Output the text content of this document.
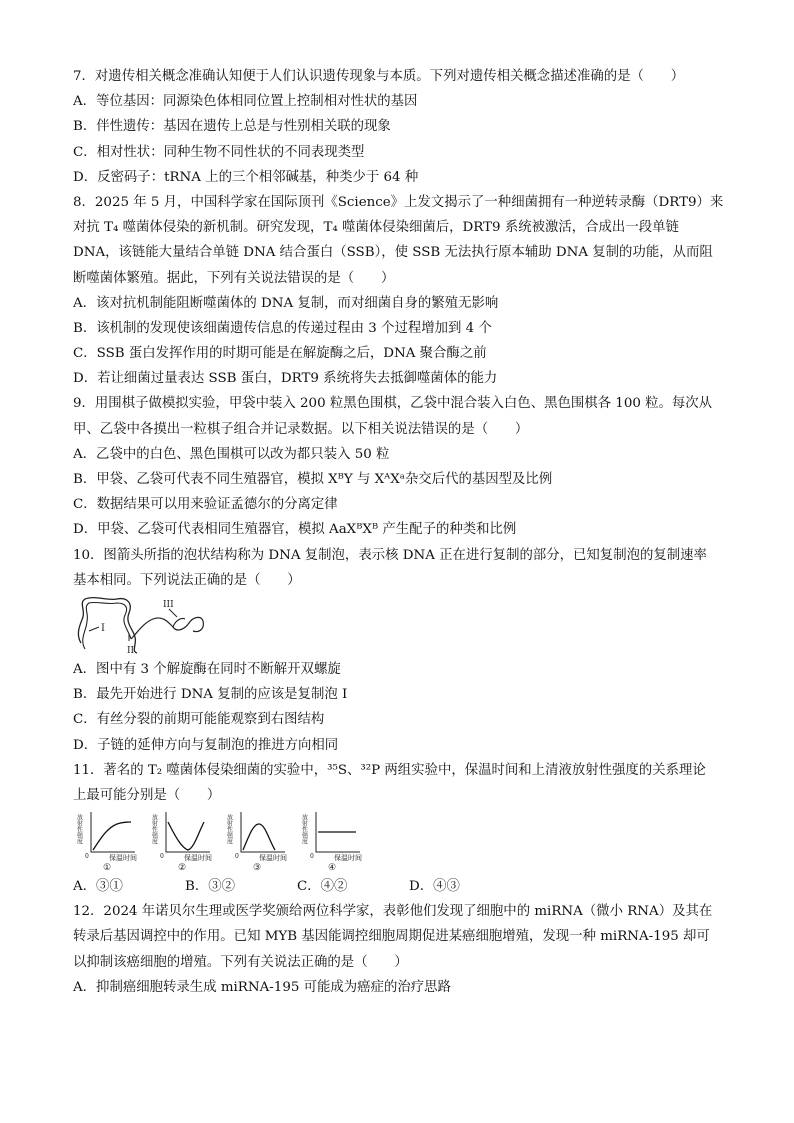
7．对遗传相关概念准确认知便于人们认识遗传现象与本质。下列对遗传相关概念描述准确的是（　　）
A．等位基因：同源染色体相同位置上控制相对性状的基因
B．伴性遗传：基因在遗传上总是与性别相关联的现象
C．相对性状：同种生物不同性状的不同表现类型
D．反密码子：tRNA 上的三个相邻碱基，种类少于 64 种
8．2025 年 5 月，中国科学家在国际顶刊《Science》上发文揭示了一种细菌拥有一种逆转录酶（DRT9）来
对抗 T₄ 噬菌体侵染的新机制。研究发现，T₄ 噬菌体侵染细菌后，DRT9 系统被激活，合成出一段单链
DNA，该链能大量结合单链 DNA 结合蛋白（SSB），使 SSB 无法执行原本辅助 DNA 复制的功能，从而阻
断噬菌体繁殖。据此，下列有关说法错误的是（　　）
A．该对抗机制能阻断噬菌体的 DNA 复制，而对细菌自身的繁殖无影响
B．该机制的发现使该细菌遗传信息的传递过程由 3 个过程增加到 4 个
C．SSB 蛋白发挥作用的时期可能是在解旋酶之后，DNA 聚合酶之前
D．若让细菌过量表达 SSB 蛋白，DRT9 系统将失去抵御噬菌体的能力
9．用围棋子做模拟实验，甲袋中装入 200 粒黑色围棋，乙袋中混合装入白色、黑色围棋各 100 粒。每次从
甲、乙袋中各摸出一粒棋子组合并记录数据。以下相关说法错误的是（　　）
A．乙袋中的白色、黑色围棋可以改为都只装入 50 粒
B．甲袋、乙袋可代表不同生殖器官，模拟 XᴮY 与 XᴬXᵃ杂交后代的基因型及比例
C．数据结果可以用来验证孟德尔的分离定律
D．甲袋、乙袋可代表相同生殖器官，模拟 AaXᴮXᴮ 产生配子的种类和比例
10．图箭头所指的泡状结构称为 DNA 复制泡，表示核 DNA 正在进行复制的部分，已知复制泡的复制速率
基本相同。下列说法正确的是（　　）
I
II
III
A．图中有 3 个解旋酶在同时不断解开双螺旋
B．最先开始进行 DNA 复制的应该是复制泡 I
C．有丝分裂的前期可能能观察到右图结构
D．子链的延伸方向与复制泡的推进方向相同
11．著名的 T₂ 噬菌体侵染细菌的实验中，³⁵S、³²P 两组实验中，保温时间和上清液放射性强度的关系理论
上最可能分别是（　　）
放射性强度
0	保温时间
①
放射性强度
0	保温时间
②
放射性强度
0	保温时间
③
放射性强度
0	保温时间
④
A．③①	B．③②	C．④②	D．④③
12．2024 年诺贝尔生理或医学奖颁给两位科学家，表彰他们发现了细胞中的 miRNA（微小 RNA）及其在
转录后基因调控中的作用。已知 MYB 基因能调控细胞周期促进某癌细胞增殖，发现一种 miRNA-195 却可
以抑制该癌细胞的增殖。下列有关说法正确的是（　　）
A．抑制癌细胞转录生成 miRNA-195 可能成为癌症的治疗思路
